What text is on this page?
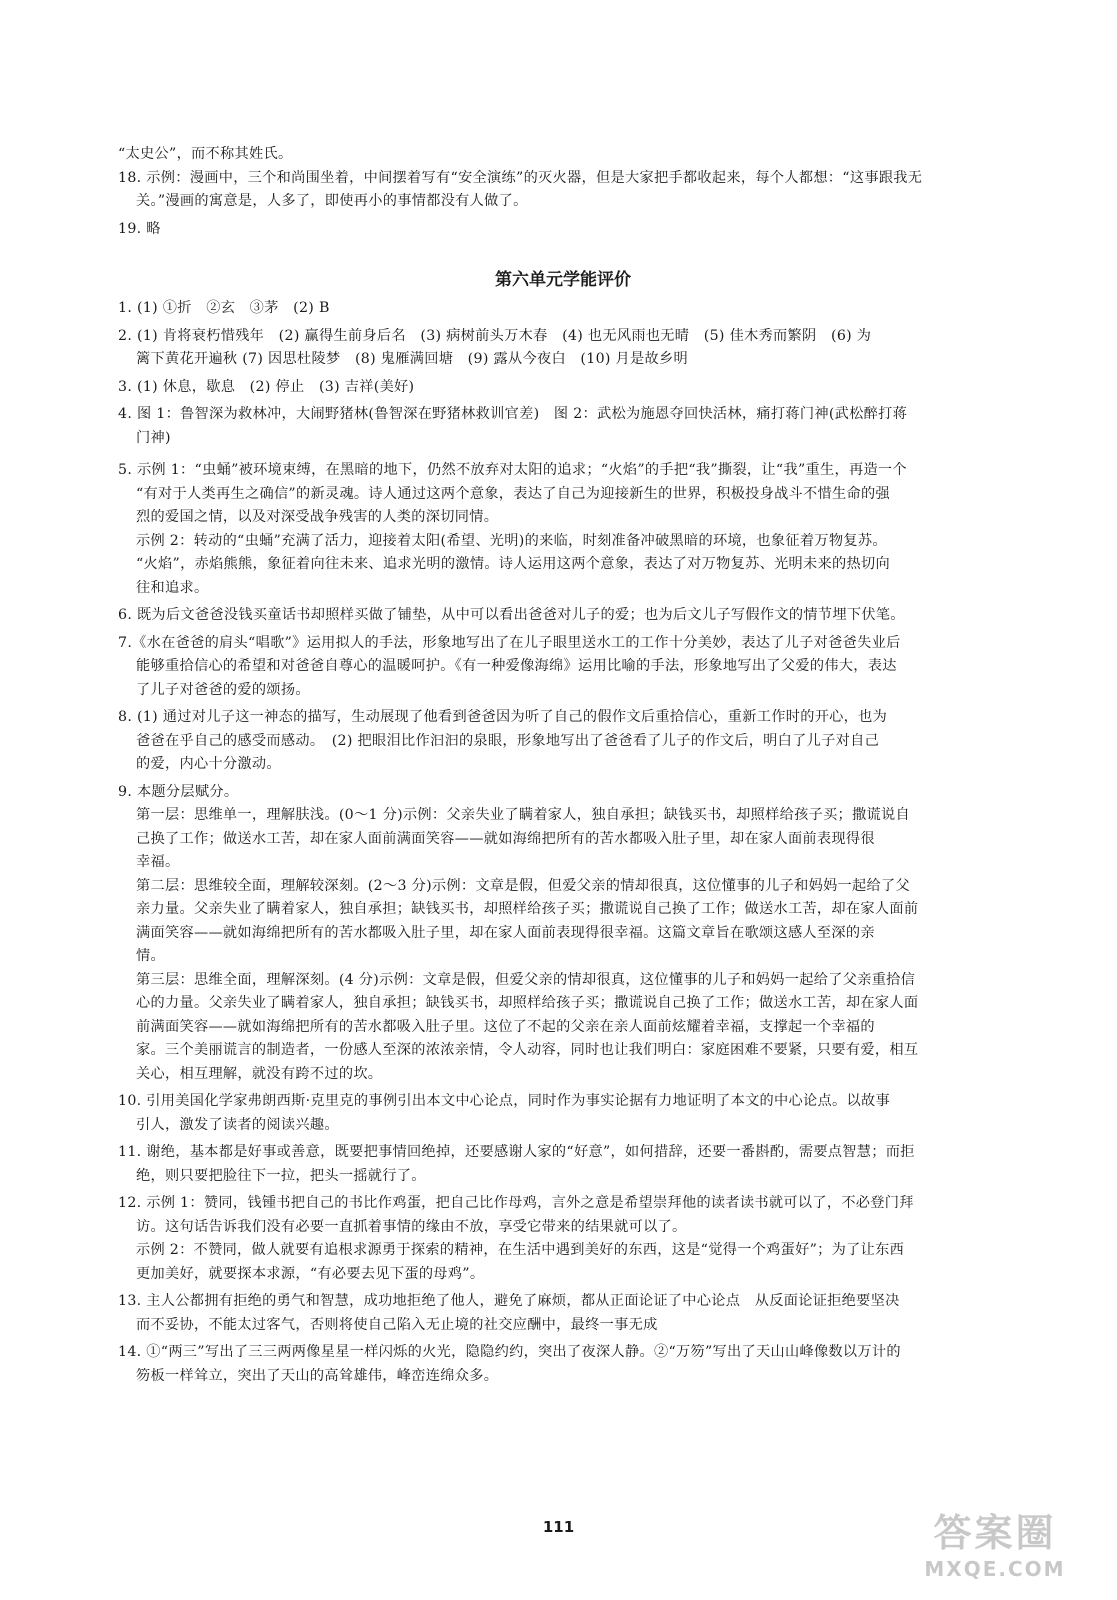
“太史公”，而不称其姓氏。
18. 示例：漫画中，三个和尚围坐着，中间摆着写有“安全演练”的灭火器，但是大家把手都收起来，每个人都想：“这事跟我无
关。”漫画的寓意是，人多了，即使再小的事情都没有人做了。
19. 略
第六单元学能评价
1. (1) ①折　②玄　③茅　(2) B
2. (1) 肯将衰朽惜残年　(2) 赢得生前身后名　(3) 病树前头万木春　(4) 也无风雨也无晴　(5) 佳木秀而繁阴　(6) 为
篱下黄花开遍秋 (7) 因思杜陵梦　(8) 鬼雁满回塘　(9) 露从今夜白　(10) 月是故乡明
3. (1) 休息，歇息　(2) 停止　(3) 吉祥(美好)
4. 图 1：鲁智深为救林冲，大闹野猪林(鲁智深在野猪林救训官差)　图 2：武松为施恩夺回快活林，痛打蒋门神(武松醉打蒋
门神)
5. 示例 1：“虫蛹”被环境束缚，在黑暗的地下，仍然不放弃对太阳的追求；“火焰”的手把“我”撕裂，让“我”重生，再造一个
“有对于人类再生之确信”的新灵魂。诗人通过这两个意象，表达了自己为迎接新生的世界，积极投身战斗不惜生命的强
烈的爱国之情，以及对深受战争残害的人类的深切同情。
示例 2：转动的“虫蛹”充满了活力，迎接着太阳(希望、光明)的来临，时刻准备冲破黑暗的环境，也象征着万物复苏。
“火焰”，赤焰熊熊，象征着向往未来、追求光明的激情。诗人运用这两个意象，表达了对万物复苏、光明未来的热切向
往和追求。
6. 既为后文爸爸没钱买童话书却照样买做了铺垫，从中可以看出爸爸对儿子的爱；也为后文儿子写假作文的情节埋下伏笔。
7.《水在爸爸的肩头“唱歌”》运用拟人的手法，形象地写出了在儿子眼里送水工的工作十分美妙，表达了儿子对爸爸失业后
能够重拾信心的希望和对爸爸自尊心的温暖呵护。《有一种爱像海绵》运用比喻的手法，形象地写出了父爱的伟大，表达
了儿子对爸爸的爱的颂扬。
8. (1) 通过对儿子这一神态的描写，生动展现了他看到爸爸因为听了自己的假作文后重拾信心，重新工作时的开心，也为
爸爸在乎自己的感受而感动。　(2) 把眼泪比作汩汩的泉眼，形象地写出了爸爸看了儿子的作文后，明白了儿子对自己
的爱，内心十分激动。
9. 本题分层赋分。
第一层：思维单一，理解肤浅。(0～1 分)示例：父亲失业了瞒着家人，独自承担；缺钱买书，却照样给孩子买；撒谎说自
己换了工作；做送水工苦，却在家人面前满面笑容——就如海绵把所有的苦水都吸入肚子里，却在家人面前表现得很
幸福。
第二层：思维较全面，理解较深刻。(2～3 分)示例：文章是假，但爱父亲的情却很真，这位懂事的儿子和妈妈一起给了父
亲力量。父亲失业了瞒着家人，独自承担；缺钱买书，却照样给孩子买；撒谎说自己换了工作；做送水工苦，却在家人面前
满面笑容——就如海绵把所有的苦水都吸入肚子里，却在家人面前表现得很幸福。这篇文章旨在歌颂这感人至深的亲
情。
第三层：思维全面，理解深刻。(4 分)示例：文章是假，但爱父亲的情却很真，这位懂事的儿子和妈妈一起给了父亲重拾信
心的力量。父亲失业了瞒着家人，独自承担；缺钱买书，却照样给孩子买；撒谎说自己换了工作；做送水工苦，却在家人面
前满面笑容——就如海绵把所有的苦水都吸入肚子里。这位了不起的父亲在亲人面前炫耀着幸福，支撑起一个幸福的
家。三个美丽谎言的制造者，一份感人至深的浓浓亲情，令人动容，同时也让我们明白：家庭困难不要紧，只要有爱，相互
关心，相互理解，就没有跨不过的坎。
10. 引用美国化学家弗朗西斯·克里克的事例引出本文中心论点，同时作为事实论据有力地证明了本文的中心论点。以故事
引人，激发了读者的阅读兴趣。
11. 谢绝，基本都是好事或善意，既要把事情回绝掉，还要感谢人家的“好意”，如何措辞，还要一番斟酌，需要点智慧；而拒
绝，则只要把脸往下一拉，把头一摇就行了。
12. 示例 1：赞同，钱锺书把自己的书比作鸡蛋，把自己比作母鸡，言外之意是希望崇拜他的读者读书就可以了，不必登门拜
访。这句话告诉我们没有必要一直抓着事情的缘由不放，享受它带来的结果就可以了。
示例 2：不赞同，做人就要有追根求源勇于探索的精神，在生活中遇到美好的东西，这是“觉得一个鸡蛋好”；为了让东西
更加美好，就要探本求源，“有必要去见下蛋的母鸡”。
13. 主人公都拥有拒绝的勇气和智慧，成功地拒绝了他人，避免了麻烦，都从正面论证了中心论点　从反面论证拒绝要坚决
而不妥协，不能太过客气，否则将使自己陷入无止境的社交应酬中，最终一事无成
14. ①“两三”写出了三三两两像星星一样闪烁的火光，隐隐约约，突出了夜深人静。②“万笏”写出了天山山峰像数以万计的
笏板一样耸立，突出了天山的高耸雄伟，峰峦连绵众多。
111	答案圈
MXQE.COM
